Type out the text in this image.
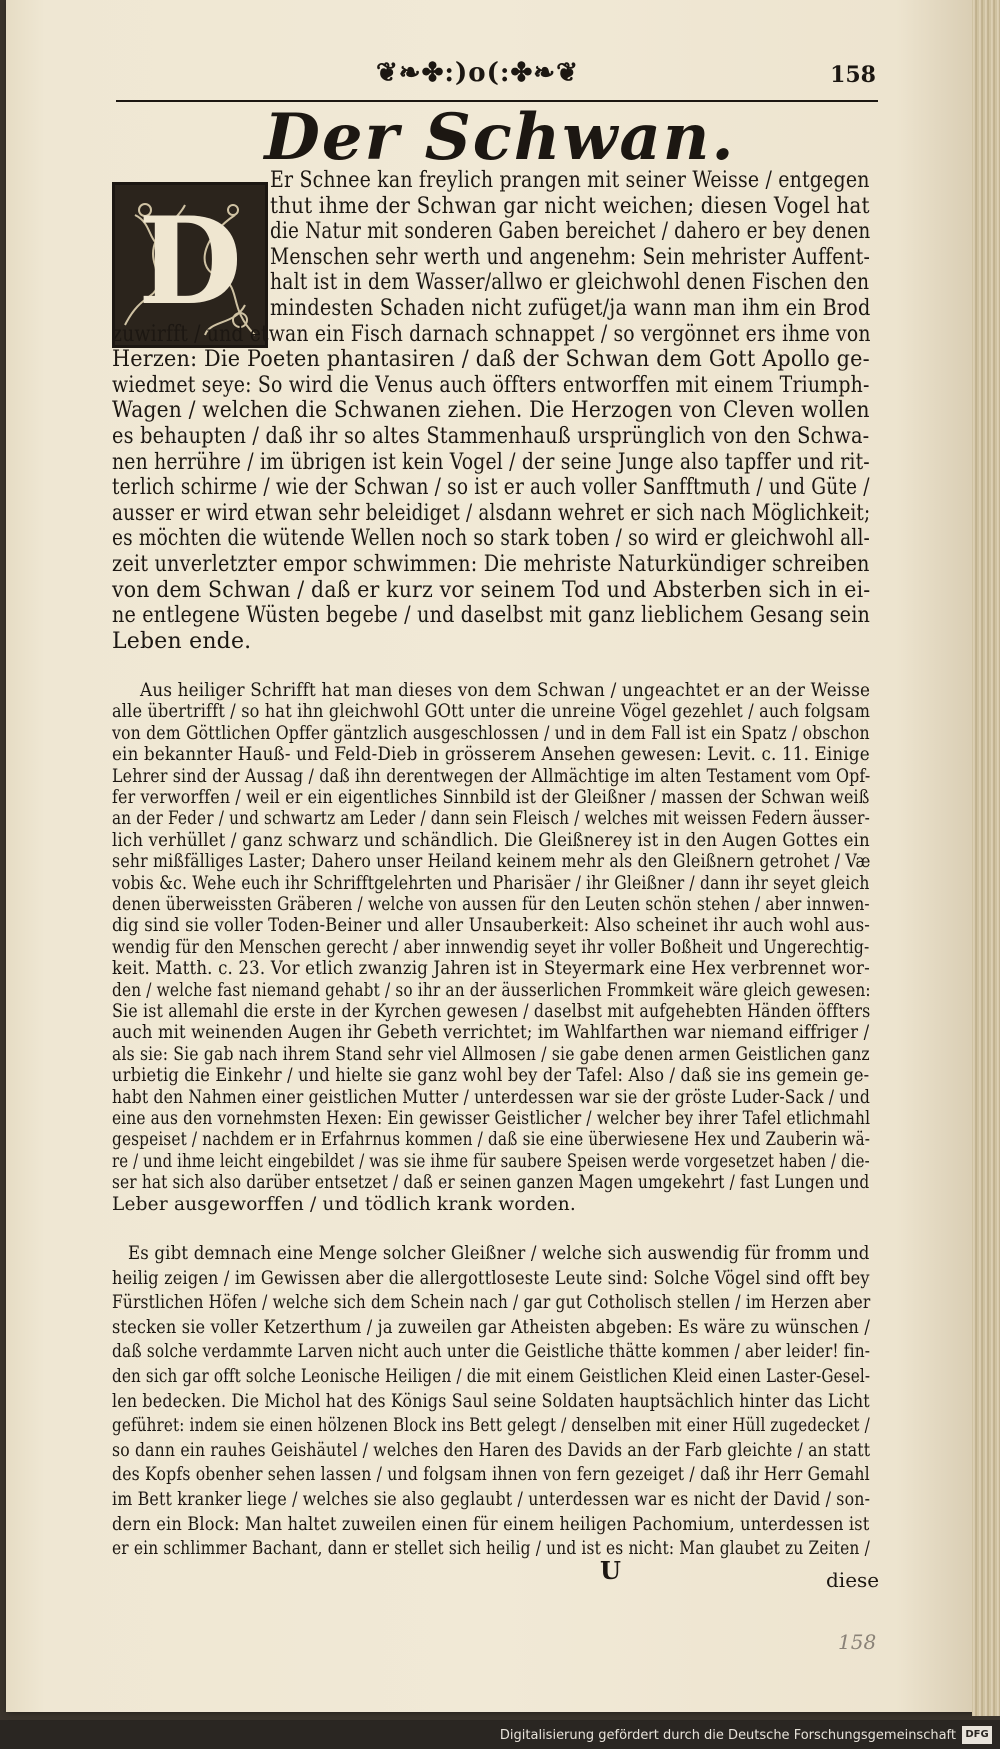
❦❧✤:)ο(:✤❧❦	158
Der Schwan.
D
Er Schnee kan freylich prangen mit seiner Weisse / entgegen
thut ihme der Schwan gar nicht weichen; diesen Vogel hat
die Natur mit sonderen Gaben bereichet / dahero er bey denen
Menschen sehr werth und angenehm: Sein mehrister Auffent-
halt ist in dem Wasser/allwo er gleichwohl denen Fischen den
mindesten Schaden nicht zufüget/ja wann man ihm ein Brod
zuwirfft / und etwan ein Fisch darnach schnappet / so vergönnet ers ihme von
Herzen: Die Poeten phantasiren / daß der Schwan dem Gott Apollo ge-
wiedmet seye: So wird die Venus auch öffters entworffen mit einem Triumph-
Wagen / welchen die Schwanen ziehen. Die Herzogen von Cleven wollen
es behaupten / daß ihr so altes Stammenhauß ursprünglich von den Schwa-
nen herrühre / im übrigen ist kein Vogel / der seine Junge also tapffer und rit-
terlich schirme / wie der Schwan / so ist er auch voller Sanfftmuth / und Güte /
ausser er wird etwan sehr beleidiget / alsdann wehret er sich nach Möglichkeit;
es möchten die wütende Wellen noch so stark toben / so wird er gleichwohl all-
zeit unverletzter empor schwimmen: Die mehriste Naturkündiger schreiben
von dem Schwan / daß er kurz vor seinem Tod und Absterben sich in ei-
ne entlegene Wüsten begebe / und daselbst mit ganz lieblichem Gesang sein
Leben ende.
Aus heiliger Schrifft hat man dieses von dem Schwan / ungeachtet er an der Weisse
alle übertrifft / so hat ihn gleichwohl GOtt unter die unreine Vögel gezehlet / auch folgsam
von dem Göttlichen Opffer gäntzlich ausgeschlossen / und in dem Fall ist ein Spatz / obschon
ein bekannter Hauß- und Feld-Dieb in grösserem Ansehen gewesen: Levit. c. 11. Einige
Lehrer sind der Aussag / daß ihn derentwegen der Allmächtige im alten Testament vom Opf-
fer verworffen / weil er ein eigentliches Sinnbild ist der Gleißner / massen der Schwan weiß
an der Feder / und schwartz am Leder / dann sein Fleisch / welches mit weissen Federn äusser-
lich verhüllet / ganz schwarz und schändlich. Die Gleißnerey ist in den Augen Gottes ein
sehr mißfälliges Laster; Dahero unser Heiland keinem mehr als den Gleißnern getrohet / Væ
vobis &c. Wehe euch ihr Schrifftgelehrten und Pharisäer / ihr Gleißner / dann ihr seyet gleich
denen überweissten Gräberen / welche von aussen für den Leuten schön stehen / aber innwen-
dig sind sie voller Toden-Beiner und aller Unsauberkeit: Also scheinet ihr auch wohl aus-
wendig für den Menschen gerecht / aber innwendig seyet ihr voller Boßheit und Ungerechtig-
keit. Matth. c. 23. Vor etlich zwanzig Jahren ist in Steyermark eine Hex verbrennet wor-
den / welche fast niemand gehabt / so ihr an der äusserlichen Frommkeit wäre gleich gewesen:
Sie ist allemahl die erste in der Kyrchen gewesen / daselbst mit aufgehebten Händen öffters
auch mit weinenden Augen ihr Gebeth verrichtet; im Wahlfarthen war niemand eiffriger /
als sie: Sie gab nach ihrem Stand sehr viel Allmosen / sie gabe denen armen Geistlichen ganz
urbietig die Einkehr / und hielte sie ganz wohl bey der Tafel: Also / daß sie ins gemein ge-
habt den Nahmen einer geistlichen Mutter / unterdessen war sie der gröste Luder-Sack / und
eine aus den vornehmsten Hexen: Ein gewisser Geistlicher / welcher bey ihrer Tafel etlichmahl
gespeiset / nachdem er in Erfahrnus kommen / daß sie eine überwiesene Hex und Zauberin wä-
re / und ihme leicht eingebildet / was sie ihme für saubere Speisen werde vorgesetzet haben / die-
ser hat sich also darüber entsetzet / daß er seinen ganzen Magen umgekehrt / fast Lungen und
Leber ausgeworffen / und tödlich krank worden.
Es gibt demnach eine Menge solcher Gleißner / welche sich auswendig für fromm und
heilig zeigen / im Gewissen aber die allergottloseste Leute sind: Solche Vögel sind offt bey
Fürstlichen Höfen / welche sich dem Schein nach / gar gut Cotholisch stellen / im Herzen aber
stecken sie voller Ketzerthum / ja zuweilen gar Atheisten abgeben: Es wäre zu wünschen /
daß solche verdammte Larven nicht auch unter die Geistliche thätte kommen / aber leider! fin-
den sich gar offt solche Leonische Heiligen / die mit einem Geistlichen Kleid einen Laster-Gesel-
len bedecken. Die Michol hat des Königs Saul seine Soldaten hauptsächlich hinter das Licht
geführet: indem sie einen hölzenen Block ins Bett gelegt / denselben mit einer Hüll zugedecket /
so dann ein rauhes Geishäutel / welches den Haren des Davids an der Farb gleichte / an statt
des Kopfs obenher sehen lassen / und folgsam ihnen von fern gezeiget / daß ihr Herr Gemahl
im Bett kranker liege / welches sie also geglaubt / unterdessen war es nicht der David / son-
dern ein Block: Man haltet zuweilen einen für einem heiligen Pachomium, unterdessen ist
er ein schlimmer Bachant, dann er stellet sich heilig / und ist es nicht: Man glaubet zu Zeiten /
U	diese
158
Digitalisierung gefördert durch die Deutsche Forschungsgemeinschaft DFG
